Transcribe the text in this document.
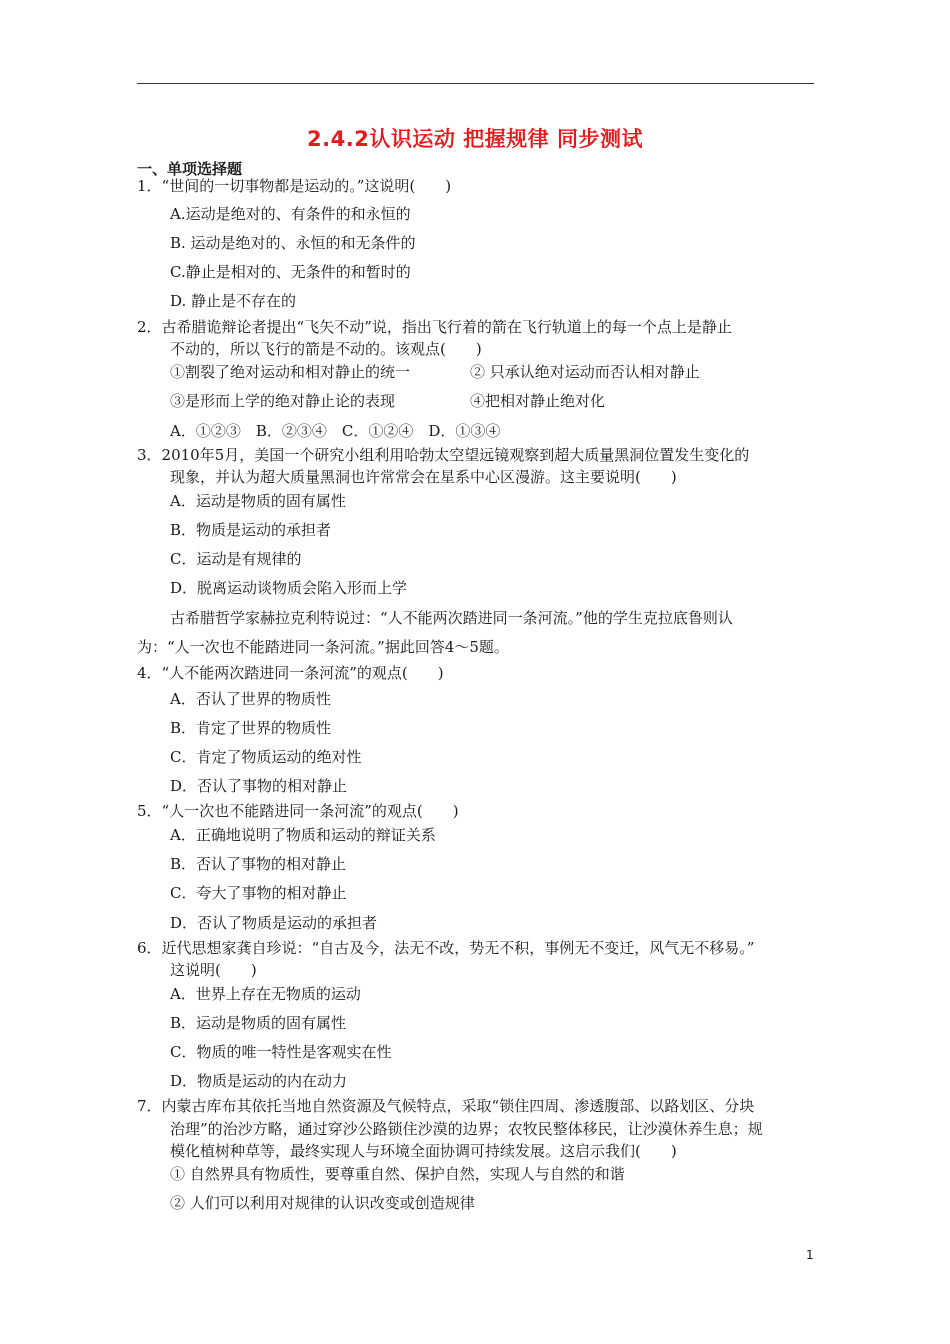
2.4.2认识运动 把握规律 同步测试
一、单项选择题
1．“世间的一切事物都是运动的。”这说明(　　)
A.运动是绝对的、有条件的和永恒的
B. 运动是绝对的、永恒的和无条件的
C.静止是相对的、无条件的和暂时的
D. 静止是不存在的
2．古希腊诡辩论者提出“飞矢不动”说，指出飞行着的箭在飞行轨道上的每一个点上是静止
不动的，所以飞行的箭是不动的。该观点(　　)
①割裂了绝对运动和相对静止的统一	② 只承认绝对运动而否认相对静止
③是形而上学的绝对静止论的表现	④把相对静止绝对化
A．①②③　B．②③④　C．①②④　D．①③④
3．2010年5月，美国一个研究小组利用哈勃太空望远镜观察到超大质量黑洞位置发生变化的
现象，并认为超大质量黑洞也许常常会在星系中心区漫游。这主要说明(　　)
A．运动是物质的固有属性
B．物质是运动的承担者
C．运动是有规律的
D．脱离运动谈物质会陷入形而上学
古希腊哲学家赫拉克利特说过：“人不能两次踏进同一条河流。”他的学生克拉底鲁则认
为：“人一次也不能踏进同一条河流。”据此回答4～5题。
4．“人不能两次踏进同一条河流”的观点(　　)
A．否认了世界的物质性
B．肯定了世界的物质性
C．肯定了物质运动的绝对性
D．否认了事物的相对静止
5．“人一次也不能踏进同一条河流”的观点(　　)
A．正确地说明了物质和运动的辩证关系
B．否认了事物的相对静止
C．夸大了事物的相对静止
D．否认了物质是运动的承担者
6．近代思想家龚自珍说：“自古及今，法无不改，势无不积，事例无不变迁，风气无不移易。”
这说明(　　)
A．世界上存在无物质的运动
B．运动是物质的固有属性
C．物质的唯一特性是客观实在性
D．物质是运动的内在动力
7．内蒙古库布其依托当地自然资源及气候特点，采取“锁住四周、渗透腹部、以路划区、分块
治理”的治沙方略，通过穿沙公路锁住沙漠的边界；农牧民整体移民，让沙漠休养生息；规
模化植树种草等，最终实现人与环境全面协调可持续发展。这启示我们(　　)
① 自然界具有物质性，要尊重自然、保护自然，实现人与自然的和谐
② 人们可以利用对规律的认识改变或创造规律
1
